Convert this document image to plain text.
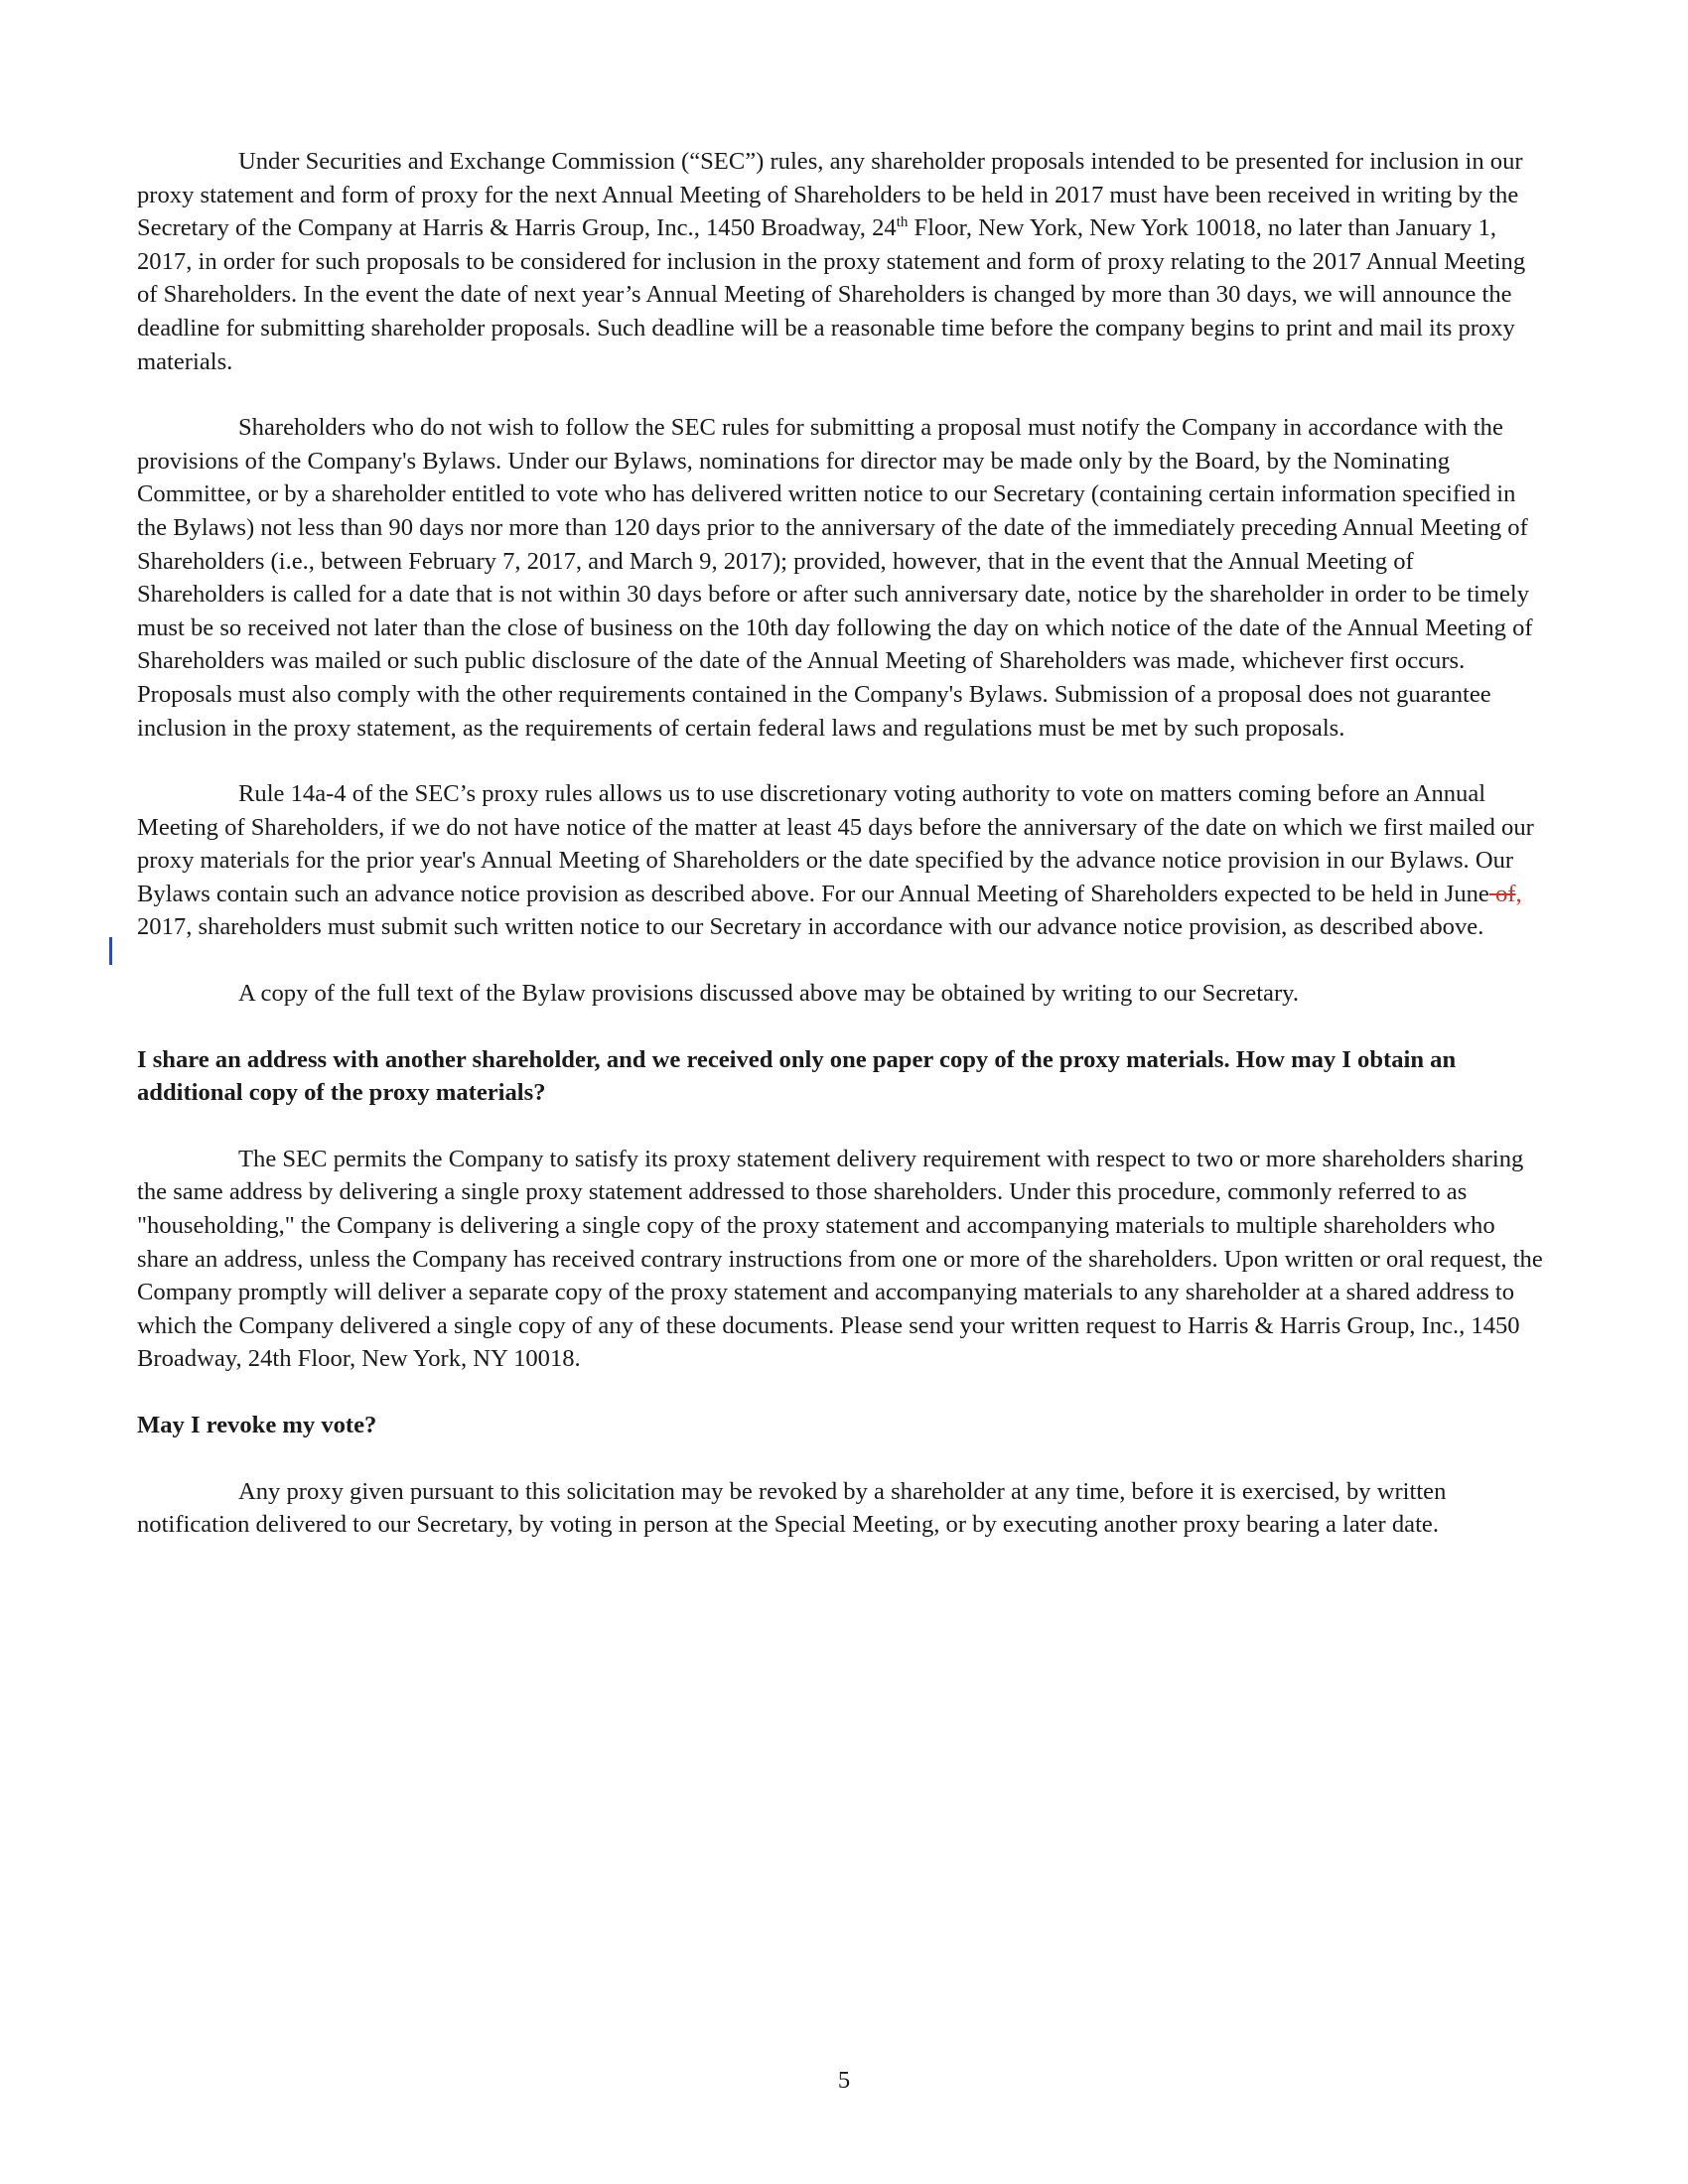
Under Securities and Exchange Commission (“SEC”) rules, any shareholder proposals intended to be presented for inclusion in our proxy statement and form of proxy for the next Annual Meeting of Shareholders to be held in 2017 must have been received in writing by the Secretary of the Company at Harris & Harris Group, Inc., 1450 Broadway, 24th Floor, New York, New York 10018, no later than January 1, 2017, in order for such proposals to be considered for inclusion in the proxy statement and form of proxy relating to the 2017 Annual Meeting of Shareholders. In the event the date of next year’s Annual Meeting of Shareholders is changed by more than 30 days, we will announce the deadline for submitting shareholder proposals. Such deadline will be a reasonable time before the company begins to print and mail its proxy materials.

Shareholders who do not wish to follow the SEC rules for submitting a proposal must notify the Company in accordance with the provisions of the Company's Bylaws. Under our Bylaws, nominations for director may be made only by the Board, by the Nominating Committee, or by a shareholder entitled to vote who has delivered written notice to our Secretary (containing certain information specified in the Bylaws) not less than 90 days nor more than 120 days prior to the anniversary of the date of the immediately preceding Annual Meeting of Shareholders (i.e., between February 7, 2017, and March 9, 2017); provided, however, that in the event that the Annual Meeting of Shareholders is called for a date that is not within 30 days before or after such anniversary date, notice by the shareholder in order to be timely must be so received not later than the close of business on the 10th day following the day on which notice of the date of the Annual Meeting of Shareholders was mailed or such public disclosure of the date of the Annual Meeting of Shareholders was made, whichever first occurs. Proposals must also comply with the other requirements contained in the Company's Bylaws. Submission of a proposal does not guarantee inclusion in the proxy statement, as the requirements of certain federal laws and regulations must be met by such proposals.

Rule 14a-4 of the SEC’s proxy rules allows us to use discretionary voting authority to vote on matters coming before an Annual Meeting of Shareholders, if we do not have notice of the matter at least 45 days before the anniversary of the date on which we first mailed our proxy materials for the prior year's Annual Meeting of Shareholders or the date specified by the advance notice provision in our Bylaws. Our Bylaws contain such an advance notice provision as described above. For our Annual Meeting of Shareholders expected to be held in June of, 2017, shareholders must submit such written notice to our Secretary in accordance with our advance notice provision, as described above.

A copy of the full text of the Bylaw provisions discussed above may be obtained by writing to our Secretary.

I share an address with another shareholder, and we received only one paper copy of the proxy materials. How may I obtain an additional copy of the proxy materials?

The SEC permits the Company to satisfy its proxy statement delivery requirement with respect to two or more shareholders sharing the same address by delivering a single proxy statement addressed to those shareholders. Under this procedure, commonly referred to as "householding," the Company is delivering a single copy of the proxy statement and accompanying materials to multiple shareholders who share an address, unless the Company has received contrary instructions from one or more of the shareholders. Upon written or oral request, the Company promptly will deliver a separate copy of the proxy statement and accompanying materials to any shareholder at a shared address to which the Company delivered a single copy of any of these documents. Please send your written request to Harris & Harris Group, Inc., 1450 Broadway, 24th Floor, New York, NY 10018.

May I revoke my vote?

Any proxy given pursuant to this solicitation may be revoked by a shareholder at any time, before it is exercised, by written notification delivered to our Secretary, by voting in person at the Special Meeting, or by executing another proxy bearing a later date.

5
